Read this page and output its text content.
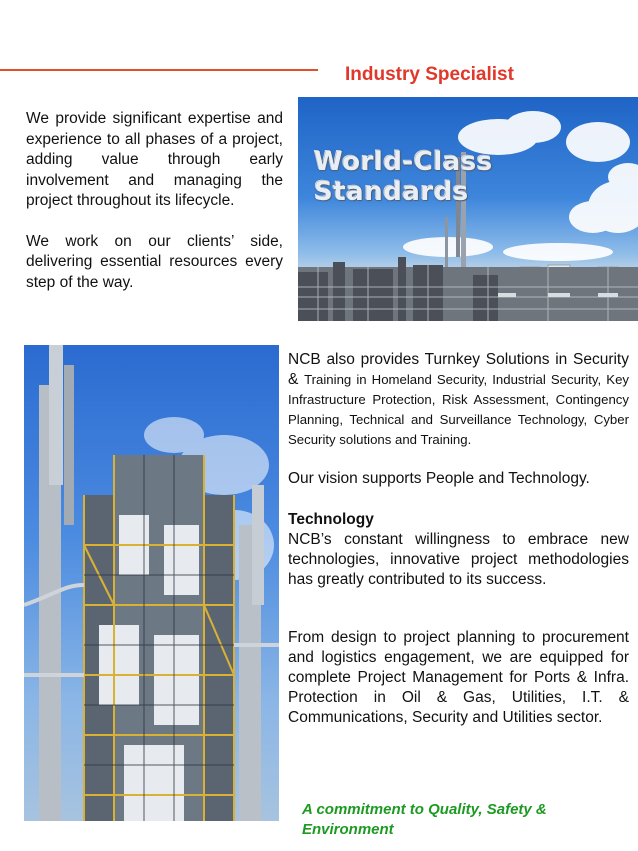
Industry Specialist

We provide significant expertise and experience to all phases of a project, adding value through early involvement and managing the project throughout its lifecycle.

We work on our clients’ side, delivering essential resources every step of the way.

World-Class
Standards
NCB also provides Turnkey Solutions in Security & Training in Homeland Security, Industrial Security, Key Infrastructure Protection, Risk Assessment, Contingency Planning, Technical and Surveillance Technology, Cyber Security solutions and Training.
Our vision supports People and Technology.
Technology

NCB’s constant willingness to embrace new technologies, innovative project methodologies has greatly contributed to its success.

From design to project planning to procurement and logistics engagement, we are equipped for complete Project Management for Ports & Infra. Protection in Oil & Gas, Utilities, I.T. & Communications, Security and Utilities sector.

A commitment to Quality, Safety & Environment
